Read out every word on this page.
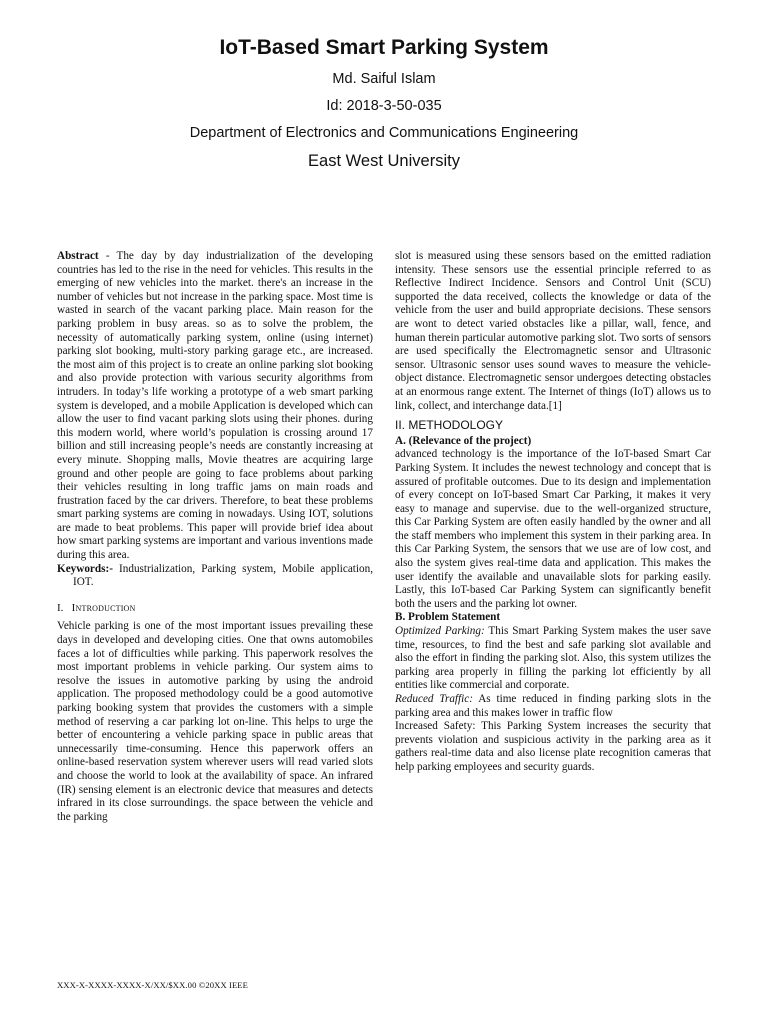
IoT-Based Smart Parking System
Md. Saiful Islam
Id: 2018-3-50-035
Department of Electronics and Communications Engineering
East West University

Abstract - The day by day industrialization of the developing countries has led to the rise in the need for vehicles. This results in the emerging of new vehicles into the market. there's an increase in the number of vehicles but not increase in the parking space. Most time is wasted in search of the vacant parking place. Main reason for the parking problem in busy areas. so as to solve the problem, the necessity of automatically parking system, online (using internet) parking slot booking, multi-story parking garage etc., are increased. the most aim of this project is to create an online parking slot booking and also provide protection with various security algorithms from intruders. In today’s life working a prototype of a web smart parking system is developed, and a mobile Application is developed which can allow the user to find vacant parking slots using their phones. during this modern world, where world’s population is crossing around 17 billion and still increasing people’s needs are constantly increasing at every minute. Shopping malls, Movie theatres are acquiring large ground and other people are going to face problems about parking their vehicles resulting in long traffic jams on main roads and frustration faced by the car drivers. Therefore, to beat these problems smart parking systems are coming in nowadays. Using IOT, solutions are made to beat problems. This paper will provide brief idea about how smart parking systems are important and various inventions made during this area.

Keywords:- Industrialization, Parking system, Mobile application, IOT.

I. Introduction

Vehicle parking is one of the most important issues prevailing these days in developed and developing cities. One that owns automobiles faces a lot of difficulties while parking. This paperwork resolves the most important problems in vehicle parking. Our system aims to resolve the issues in automotive parking by using the android application. The proposed methodology could be a good automotive parking booking system that provides the customers with a simple method of reserving a car parking lot on-line. This helps to urge the better of encountering a vehicle parking space in public areas that unnecessarily time-consuming. Hence this paperwork offers an online-based reservation system wherever users will read varied slots and choose the world to look at the availability of space. An infrared (IR) sensing element is an electronic device that measures and detects infrared in its close surroundings. the space between the vehicle and the parking

slot is measured using these sensors based on the emitted radiation intensity. These sensors use the essential principle referred to as Reflective Indirect Incidence. Sensors and Control Unit (SCU) supported the data received, collects the knowledge or data of the vehicle from the user and build appropriate decisions. These sensors are wont to detect varied obstacles like a pillar, wall, fence, and human therein particular automotive parking slot. Two sorts of sensors are used specifically the Electromagnetic sensor and Ultrasonic sensor. Ultrasonic sensor uses sound waves to measure the vehicle-object distance. Electromagnetic sensor undergoes detecting obstacles at an enormous range extent. The Internet of things (IoT) allows us to link, collect, and interchange data.[1]

II. METHODOLOGY

A. (Relevance of the project)

advanced technology is the importance of the IoT-based Smart Car Parking System. It includes the newest technology and concept that is assured of profitable outcomes. Due to its design and implementation of every concept on IoT-based Smart Car Parking, it makes it very easy to manage and supervise. due to the well-organized structure, this Car Parking System are often easily handled by the owner and all the staff members who implement this system in their parking area. In this Car Parking System, the sensors that we use are of low cost, and also the system gives real-time data and application. This makes the user identify the available and unavailable slots for parking easily. Lastly, this IoT-based Car Parking System can significantly benefit both the users and the parking lot owner.

B. Problem Statement

Optimized Parking: This Smart Parking System makes the user save time, resources, to find the best and safe parking slot available and also the effort in finding the parking slot. Also, this system utilizes the parking area properly in filling the parking lot efficiently by all entities like commercial and corporate.

Reduced Traffic: As time reduced in finding parking slots in the parking area and this makes lower in traffic flow

Increased Safety: This Parking System increases the security that prevents violation and suspicious activity in the parking area as it gathers real-time data and also license plate recognition cameras that help parking employees and security guards.

XXX-X-XXXX-XXXX-X/XX/$XX.00 ©20XX IEEE
